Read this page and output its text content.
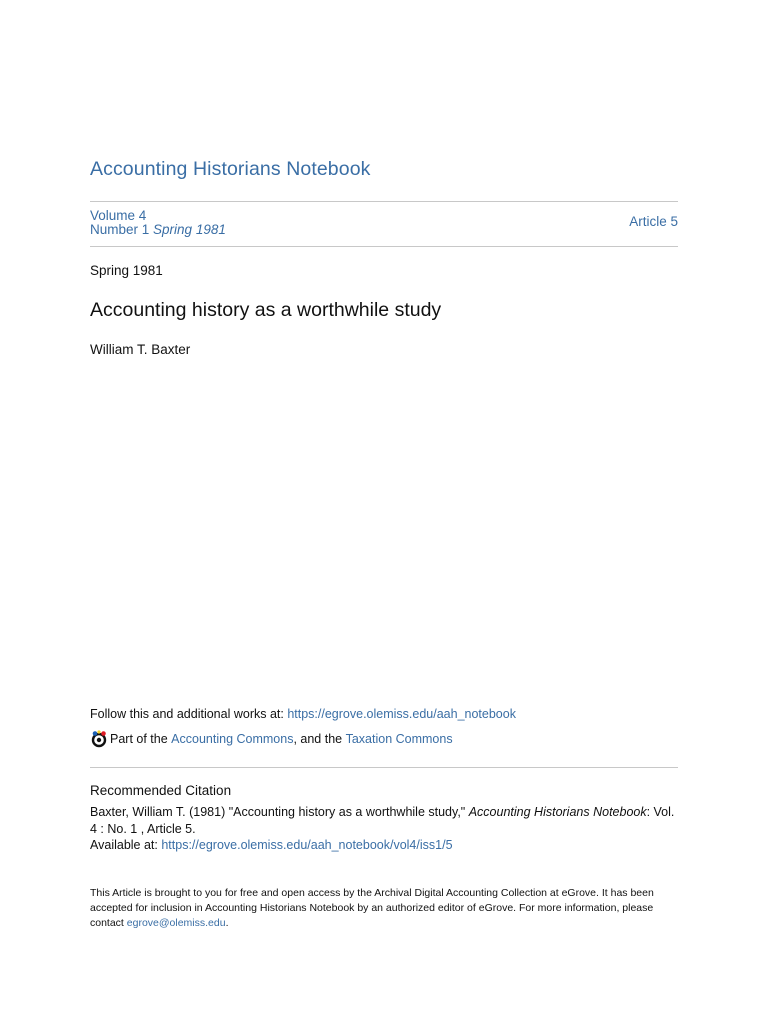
Accounting Historians Notebook
Volume 4
Number 1 Spring 1981
Article 5
Spring 1981
Accounting history as a worthwhile study
William T. Baxter
Follow this and additional works at: https://egrove.olemiss.edu/aah_notebook
Part of the
Accounting Commons , and the
Taxation Commons
Recommended Citation
Baxter, William T. (1981) "Accounting history as a worthwhile study," Accounting Historians Notebook: Vol. 4 : No. 1 , Article 5.
Available at: https://egrove.olemiss.edu/aah_notebook/vol4/iss1/5
This Article is brought to you for free and open access by the Archival Digital Accounting Collection at eGrove. It has been accepted for inclusion in Accounting Historians Notebook by an authorized editor of eGrove. For more information, please contact egrove@olemiss.edu.
